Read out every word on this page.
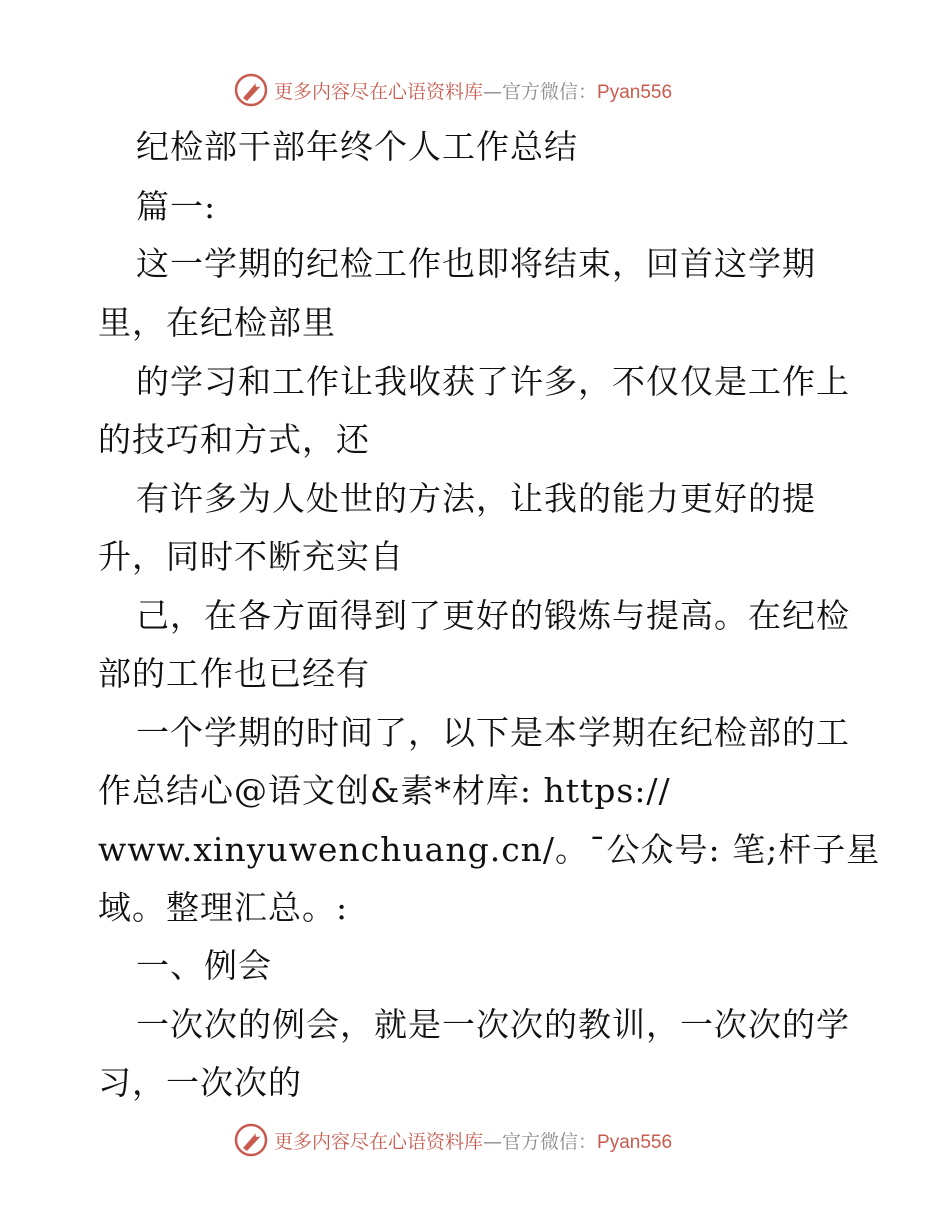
更多内容尽在心语资料库—官方微信：Pyan556
纪检部干部年终个人工作总结
篇一:
这一学期的纪检工作也即将结束，回首这学期
里，在纪检部里
的学习和工作让我收获了许多，不仅仅是工作上
的技巧和方式，还
有许多为人处世的方法，让我的能力更好的提
升，同时不断充实自
己，在各方面得到了更好的锻炼与提高。在纪检
部的工作也已经有
一个学期的时间了，以下是本学期在纪检部的工
作总结心@语文创&素*材库: https://
www.xinyuwenchuang.cn/。¯公众号: 笔;杆子星
域。整理汇总。:
一、例会
一次次的例会，就是一次次的教训，一次次的学
习，一次次的
更多内容尽在心语资料库—官方微信：Pyan556
